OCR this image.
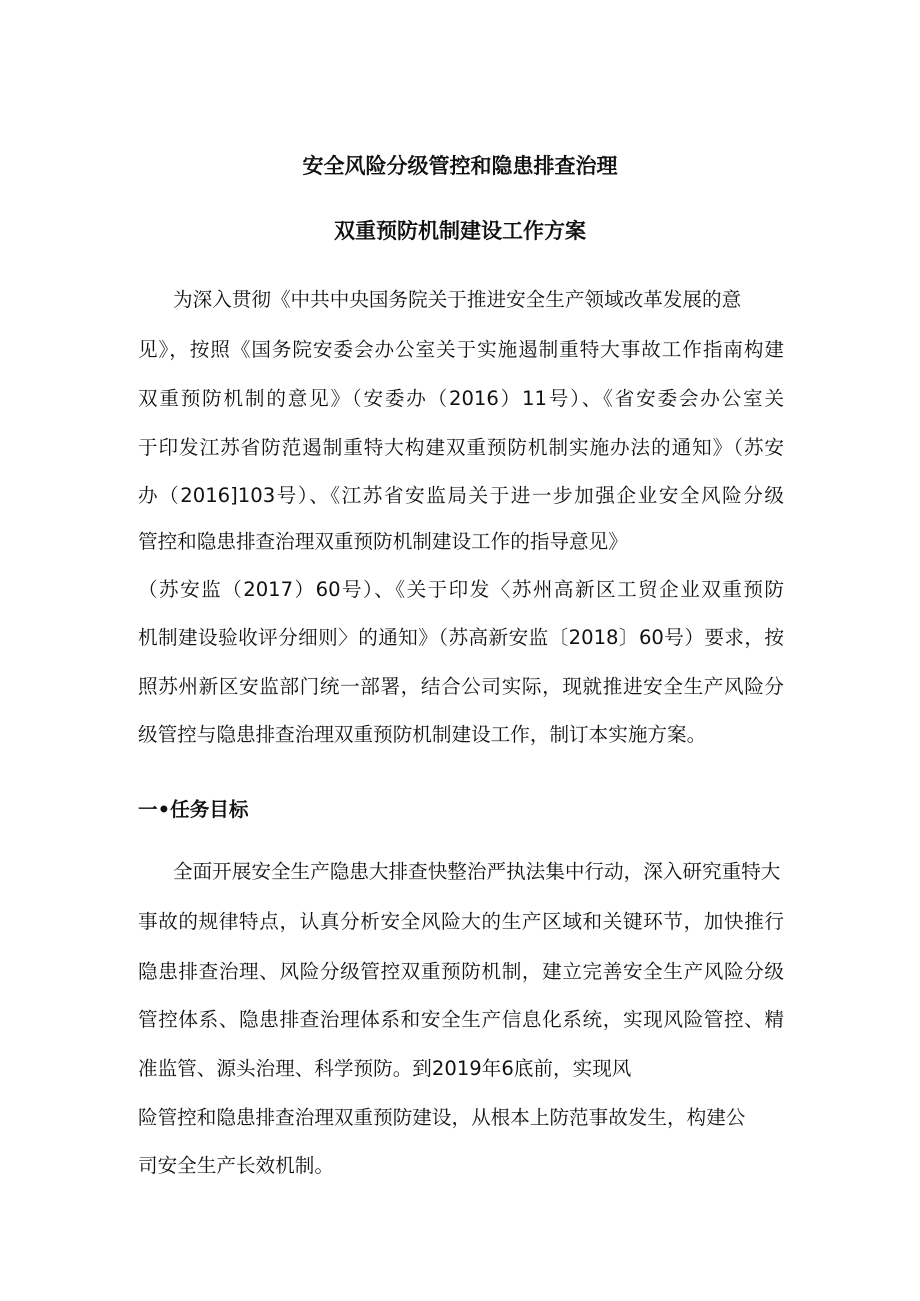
安全风险分级管控和隐患排查治理
双重预防机制建设工作方案
为深入贯彻《中共中央国务院关于推进安全生产领域改革发展的意
见》，按照《国务院安委会办公室关于实施遏制重特大事故工作指南构建
双重预防机制的意见》（安委办（2016）11号）、《省安委会办公室关
于印发江苏省防范遏制重特大构建双重预防机制实施办法的通知》（苏安
办（2016]103号）、《江苏省安监局关于进一步加强企业安全风险分级
管控和隐患排查治理双重预防机制建设工作的指导意见》
（苏安监（2017）60号）、《关于印发〈苏州高新区工贸企业双重预防
机制建设验收评分细则〉的通知》（苏高新安监〔2018〕60号）要求，按
照苏州新区安监部门统一部署，结合公司实际，现就推进安全生产风险分
级管控与隐患排查治理双重预防机制建设工作，制订本实施方案。
一•任务目标
全面开展安全生产隐患大排查快整治严执法集中行动，深入研究重特大
事故的规律特点，认真分析安全风险大的生产区域和关键环节，加快推行
隐患排查治理、风险分级管控双重预防机制，建立完善安全生产风险分级
管控体系、隐患排查治理体系和安全生产信息化系统，实现风险管控、精
准监管、源头治理、科学预防。到2019年6底前，实现风
险管控和隐患排查治理双重预防建设，从根本上防范事故发生，构建公
司安全生产长效机制。
